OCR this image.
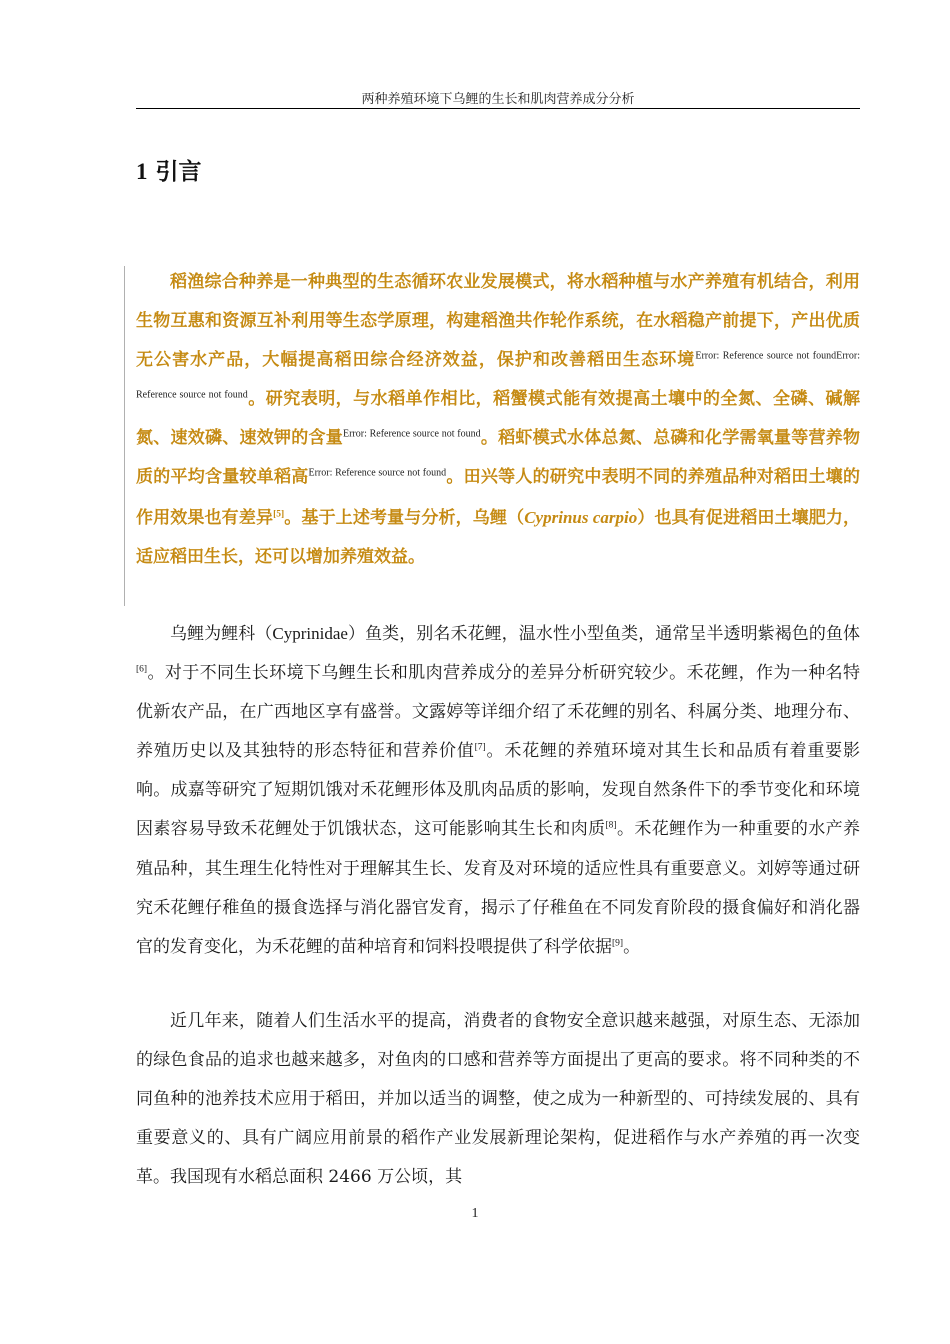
两种养殖环境下乌鲤的生长和肌肉营养成分分析
1 引言

稻渔综合种养是一种典型的生态循环农业发展模式，将水稻种植与水产养殖有机结合，利用生物互惠和资源互补利用等生态学原理，构建稻渔共作轮作系统，在水稻稳产前提下，产出优质无公害水产品，大幅提高稻田综合经济效益，保护和改善稻田生态环境$^{Error: Reference source not foundError: Reference source not found}$。研究表明，与水稻单作相比，稻蟹模式能有效提高土壤中的全氮、全磷、碱解氮、速效磷、速效钾的含量$^{Error: Reference source not found}$。稻虾模式水体总氮、总磷和化学需氧量等营养物质的平均含量较单稻高$^{Error: Reference source not found}$。田兴等人的研究中表明不同的养殖品种对稻田土壤的作用效果也有差异[5]。基于上述考量与分析，乌鲤（Cyprinus carpio）也具有促进稻田土壤肥力，适应稻田生长，还可以增加养殖效益。

乌鲤为鲤科（Cyprinidae）鱼类，别名禾花鲤，温水性小型鱼类，通常呈半透明紫褐色的鱼体[6]。对于不同生长环境下乌鲤生长和肌肉营养成分的差异分析研究较少。禾花鲤，作为一种名特优新农产品，在广西地区享有盛誉。文露婷等详细介绍了禾花鲤的别名、科属分类、地理分布、养殖历史以及其独特的形态特征和营养价值[7]。禾花鲤的养殖环境对其生长和品质有着重要影响。成嘉等研究了短期饥饿对禾花鲤形体及肌肉品质的影响，发现自然条件下的季节变化和环境因素容易导致禾花鲤处于饥饿状态，这可能影响其生长和肉质[8]。禾花鲤作为一种重要的水产养殖品种，其生理生化特性对于理解其生长、发育及对环境的适应性具有重要意义。刘婷等通过研究禾花鲤仔稚鱼的摄食选择与消化器官发育，揭示了仔稚鱼在不同发育阶段的摄食偏好和消化器官的发育变化，为禾花鲤的苗种培育和饲料投喂提供了科学依据[9]。

近几年来，随着人们生活水平的提高，消费者的食物安全意识越来越强，对原生态、无添加的绿色食品的追求也越来越多，对鱼肉的口感和营养等方面提出了更高的要求。将不同种类的不同鱼种的池养技术应用于稻田，并加以适当的调整，使之成为一种新型的、可持续发展的、具有重要意义的、具有广阔应用前景的稻作产业发展新理论架构，促进稻作与水产养殖的再一次变革。我国现有水稻总面积 2466 万公顷，其

1
